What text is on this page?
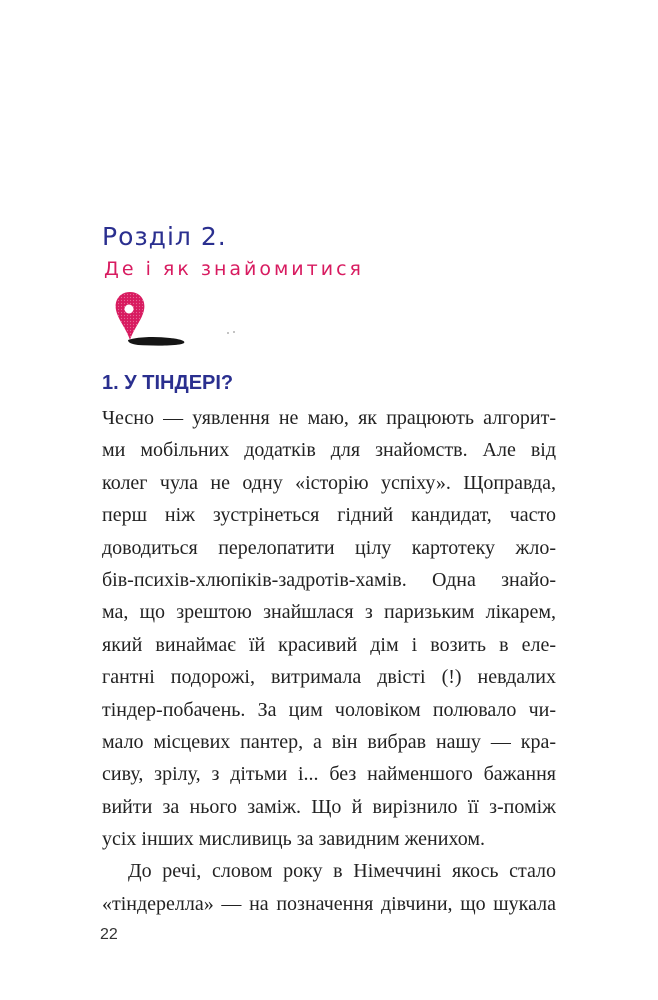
Розділ 2.
Де і як знайомитися
1. У ТІНДЕРІ?
Чесно — уявлення не маю, як працюють алгорит-
ми мобільних додатків для знайомств. Але від
колег чула не одну «історію успіху». Щоправда,
перш ніж зустрінеться гідний кандидат, часто
доводиться перелопатити цілу картотеку жло-
бів-психів-хлюпіків-задротів-хамів. Одна знайо-
ма, що зрештою знайшлася з паризьким лікарем,
який винаймає їй красивий дім і возить в еле-
гантні подорожі, витримала двісті (!) невдалих
тіндер-побачень. За цим чоловіком полювало чи-
мало місцевих пантер, а він вибрав нашу — кра-
сиву, зрілу, з дітьми і... без найменшого бажання
вийти за нього заміж. Що й вирізнило її з-поміж
усіх інших мисливиць за завидним женихом.
До речі, словом року в Німеччині якось стало
«тіндерелла» — на позначення дівчини, що шукала
22
